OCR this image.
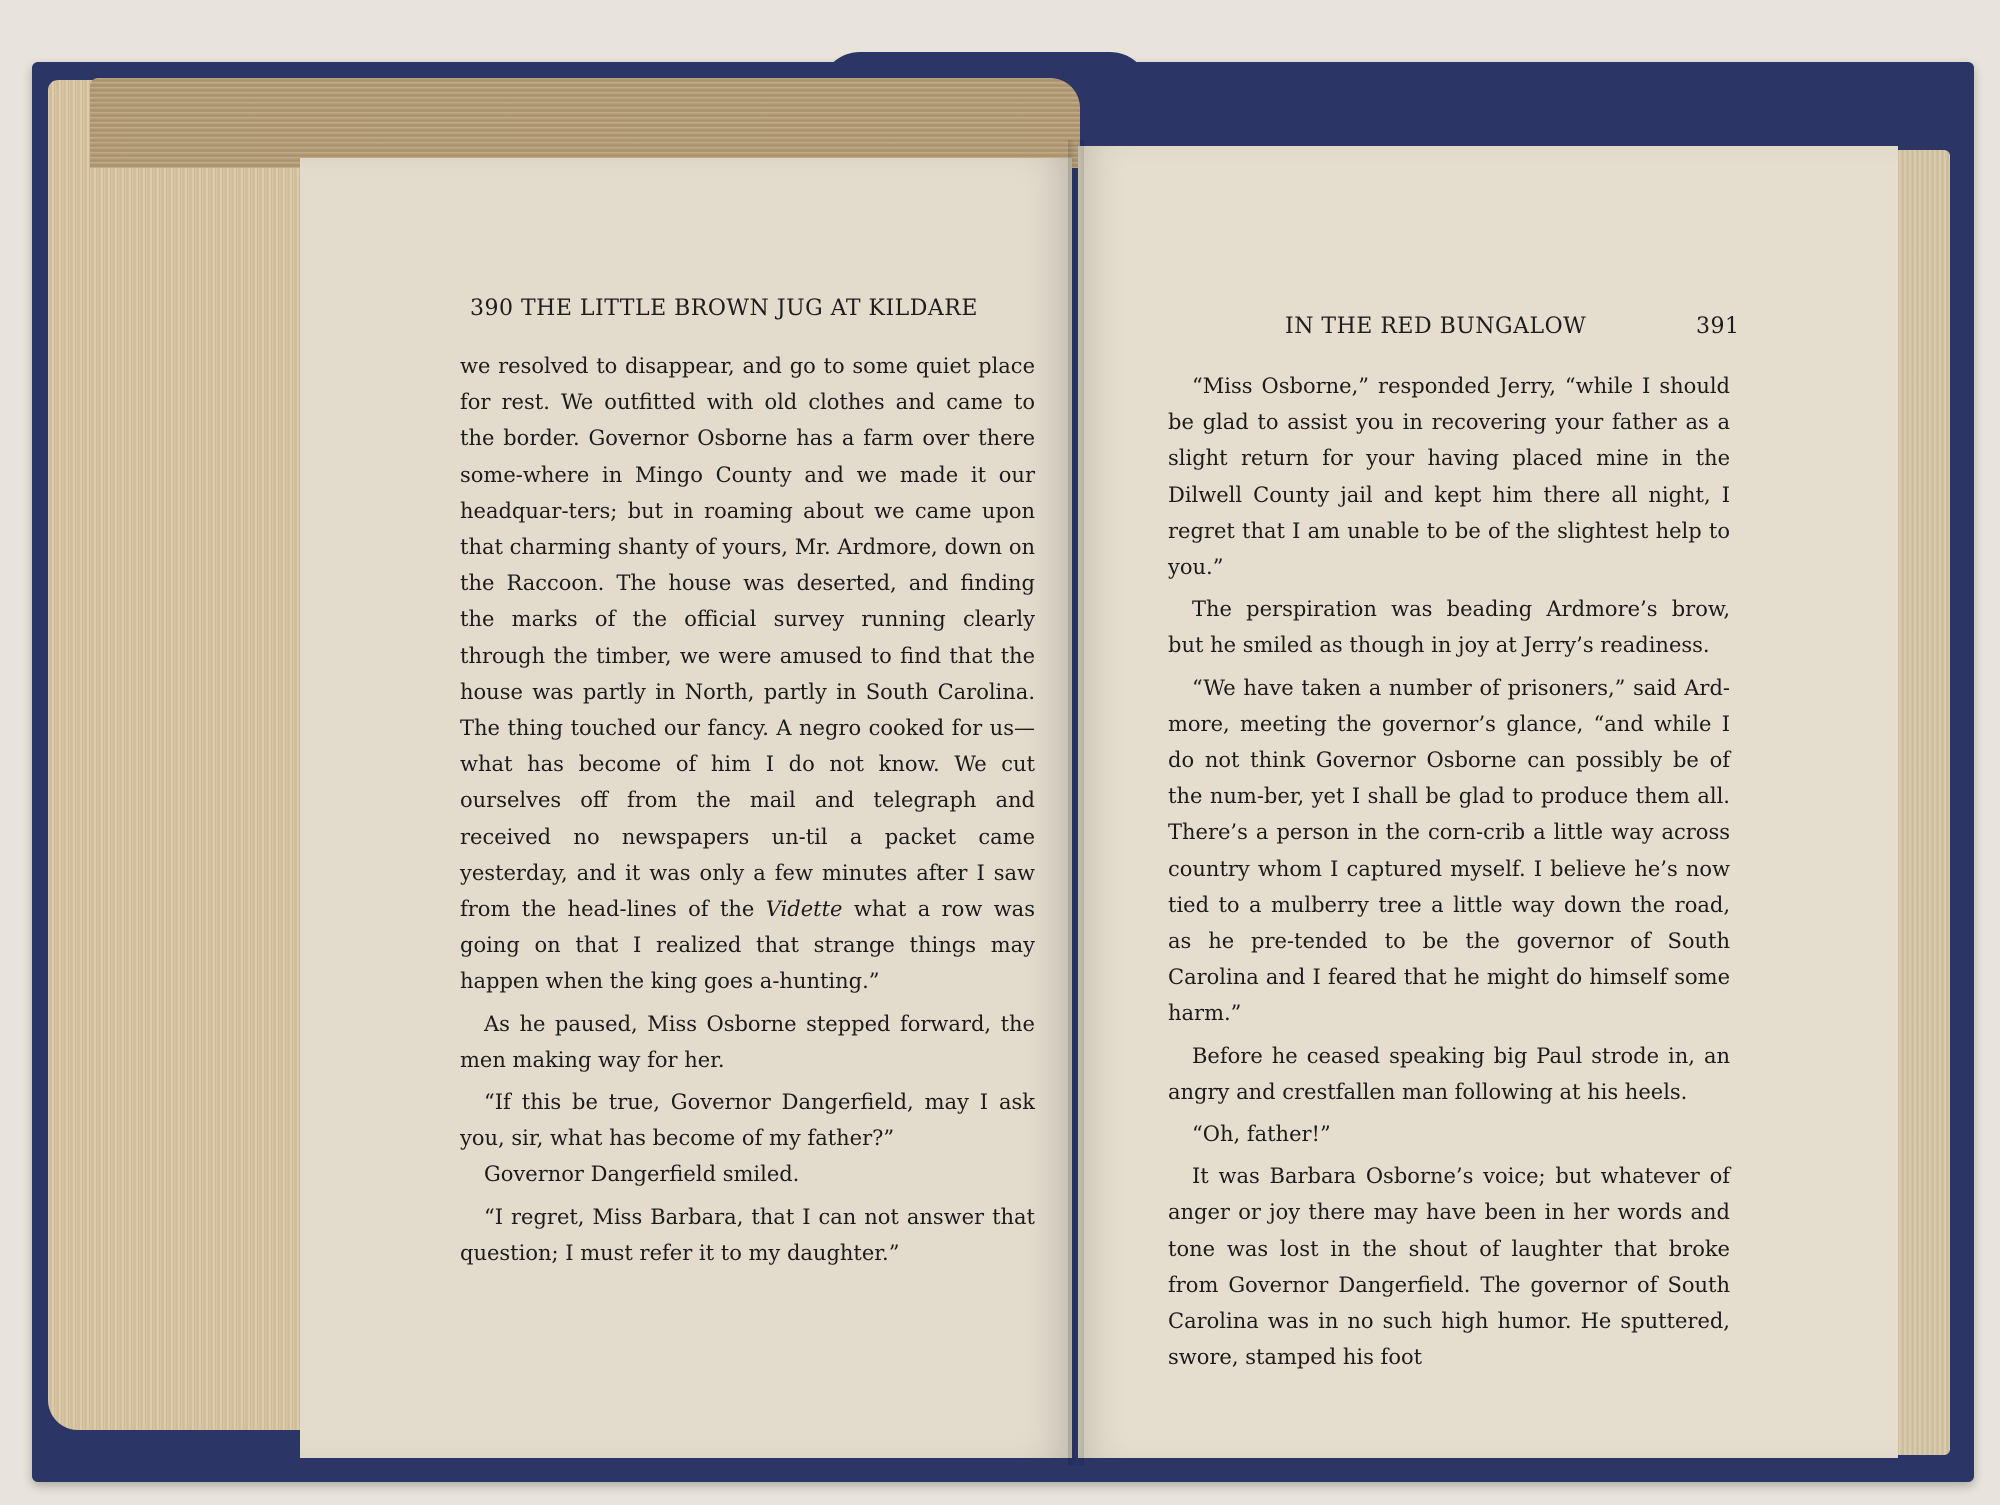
390 THE LITTLE BROWN JUG AT KILDARE

we resolved to disappear, and go to some quiet place for rest. We outfitted with old clothes and came to the border. Governor Osborne has a farm over there some-where in Mingo County and we made it our headquar-ters; but in roaming about we came upon that charming shanty of yours, Mr. Ardmore, down on the Raccoon. The house was deserted, and finding the marks of the official survey running clearly through the timber, we were amused to find that the house was partly in North, partly in South Carolina. The thing touched our fancy. A negro cooked for us—what has become of him I do not know. We cut ourselves off from the mail and telegraph and received no newspapers un-til a packet came yesterday, and it was only a few minutes after I saw from the head-lines of the Vidette what a row was going on that I realized that strange things may happen when the king goes a-hunting.”

As he paused, Miss Osborne stepped forward, the men making way for her.

“If this be true, Governor Dangerfield, may I ask you, sir, what has become of my father?”

Governor Dangerfield smiled.

“I regret, Miss Barbara, that I can not answer that question; I must refer it to my daughter.”

IN THE RED BUNGALOW	391

“Miss Osborne,” responded Jerry, “while I should be glad to assist you in recovering your father as a slight return for your having placed mine in the Dilwell County jail and kept him there all night, I regret that I am unable to be of the slightest help to you.”

The perspiration was beading Ardmore’s brow, but he smiled as though in joy at Jerry’s readiness.

“We have taken a number of prisoners,” said Ard-more, meeting the governor’s glance, “and while I do not think Governor Osborne can possibly be of the num-ber, yet I shall be glad to produce them all. There’s a person in the corn-crib a little way across country whom I captured myself. I believe he’s now tied to a mulberry tree a little way down the road, as he pre-tended to be the governor of South Carolina and I feared that he might do himself some harm.”

Before he ceased speaking big Paul strode in, an angry and crestfallen man following at his heels.

“Oh, father!”

It was Barbara Osborne’s voice; but whatever of anger or joy there may have been in her words and tone was lost in the shout of laughter that broke from Governor Dangerfield. The governor of South Carolina was in no such high humor. He sputtered, swore, stamped his foot
